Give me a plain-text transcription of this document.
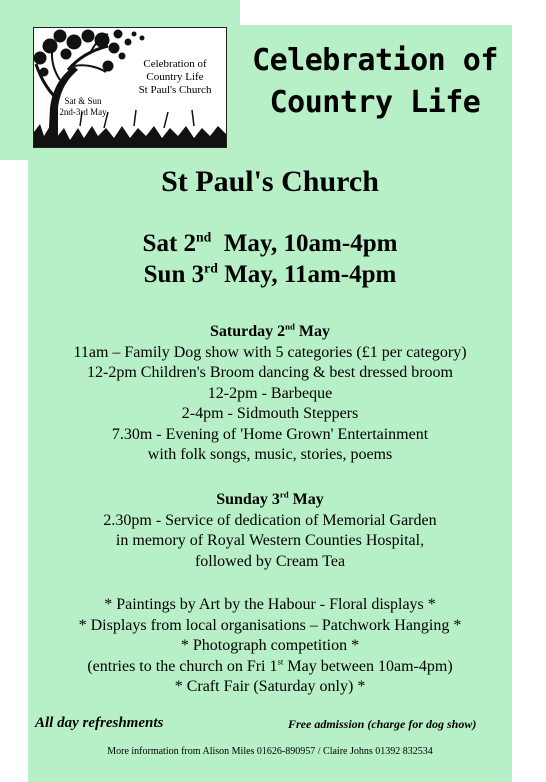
Celebration of
Country Life
St Paul's Church
Sat & Sun
2nd-3rd May
Celebration of
Country Life
St Paul's Church
Sat 2nd  May, 10am-4pm
Sun 3rd May, 11am-4pm
Saturday 2nd May
11am – Family Dog show with 5 categories (£1 per category)
12-2pm Children's Broom dancing & best dressed broom
12-2pm - Barbeque
2-4pm - Sidmouth Steppers
7.30m - Evening of 'Home Grown' Entertainment
with folk songs, music, stories, poems
Sunday 3rd May
2.30pm - Service of dedication of Memorial Garden
in memory of Royal Western Counties Hospital,
followed by Cream Tea
* Paintings by Art by the Habour - Floral displays *
* Displays from local organisations – Patchwork Hanging *
* Photograph competition *
(entries to the church on Fri 1st May between 10am-4pm)
* Craft Fair (Saturday only) *
All day refreshments	Free admission (charge for dog show)
More information from Alison Miles 01626-890957 / Claire Johns 01392 832534
